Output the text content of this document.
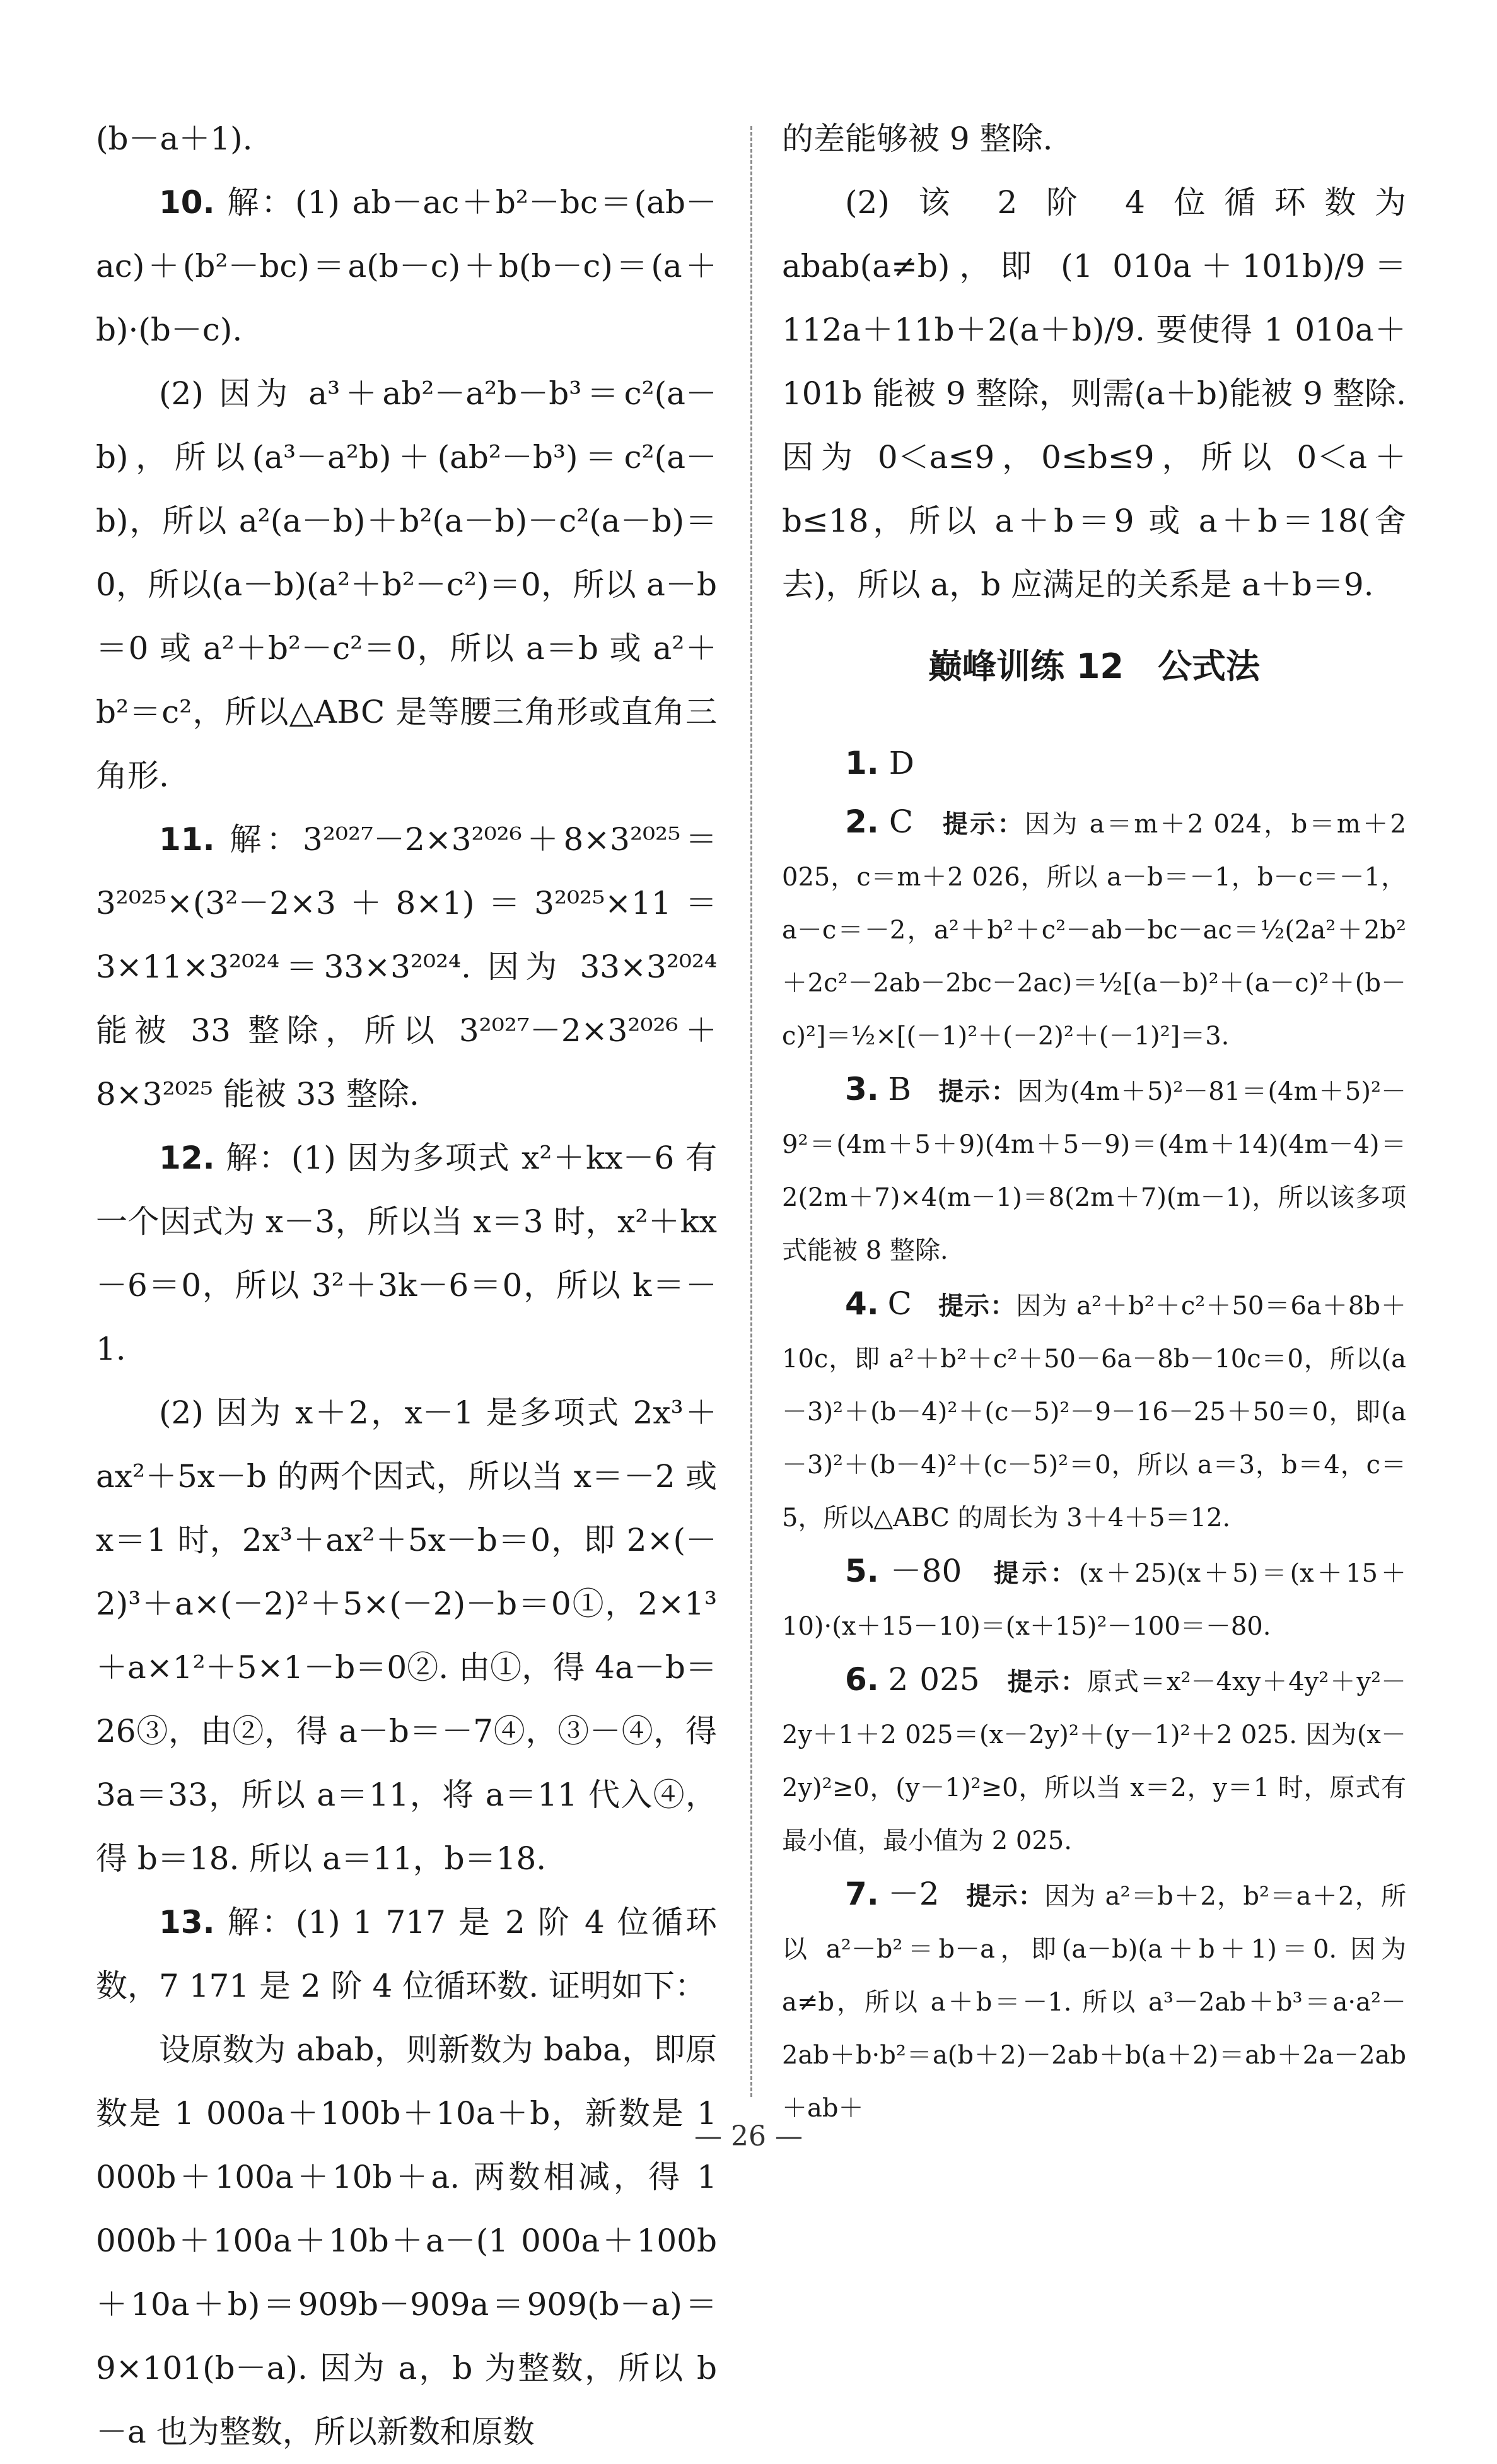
(b－a＋1).

10. 解：(1) ab－ac＋b²－bc＝(ab－ac)＋(b²－bc)＝a(b－c)＋b(b－c)＝(a＋b)·(b－c).

(2) 因为 a³＋ab²－a²b－b³＝c²(a－b)，所以(a³－a²b)＋(ab²－b³)＝c²(a－b)，所以 a²(a－b)＋b²(a－b)－c²(a－b)＝0，所以(a－b)(a²＋b²－c²)＝0，所以 a－b＝0 或 a²＋b²－c²＝0，所以 a＝b 或 a²＋b²＝c²，所以△ABC 是等腰三角形或直角三角形.

11. 解：3²⁰²⁷－2×3²⁰²⁶＋8×3²⁰²⁵＝3²⁰²⁵×(3²－2×3＋8×1)＝3²⁰²⁵×11＝3×11×3²⁰²⁴＝33×3²⁰²⁴. 因为 33×3²⁰²⁴ 能被 33 整除，所以 3²⁰²⁷－2×3²⁰²⁶＋8×3²⁰²⁵ 能被 33 整除.

12. 解：(1) 因为多项式 x²＋kx－6 有一个因式为 x－3，所以当 x＝3 时，x²＋kx－6＝0，所以 3²＋3k－6＝0，所以 k＝－1.

(2) 因为 x＋2，x－1 是多项式 2x³＋ax²＋5x－b 的两个因式，所以当 x＝－2 或 x＝1 时，2x³＋ax²＋5x－b＝0，即 2×(－2)³＋a×(－2)²＋5×(－2)－b＝0①，2×1³＋a×1²＋5×1－b＝0②. 由①，得 4a－b＝26③，由②，得 a－b＝－7④，③－④，得 3a＝33，所以 a＝11，将 a＝11 代入④，得 b＝18. 所以 a＝11，b＝18.

13. 解：(1) 1 717 是 2 阶 4 位循环数，7 171 是 2 阶 4 位循环数. 证明如下：

设原数为 abab，则新数为 baba，即原数是 1 000a＋100b＋10a＋b，新数是 1 000b＋100a＋10b＋a. 两数相减，得 1 000b＋100a＋10b＋a－(1 000a＋100b＋10a＋b)＝909b－909a＝909(b－a)＝9×101(b－a). 因为 a，b 为整数，所以 b－a 也为整数，所以新数和原数

的差能够被 9 整除.

(2) 该 2 阶 4 位循环数为 abab(a≠b)，即 (1 010a＋101b)/9＝112a＋11b＋2(a＋b)/9. 要使得 1 010a＋101b 能被 9 整除，则需(a＋b)能被 9 整除. 因为 0＜a≤9，0≤b≤9，所以 0＜a＋b≤18，所以 a＋b＝9 或 a＋b＝18(舍去)，所以 a，b 应满足的关系是 a＋b＝9.

巅峰训练 12　公式法

1. D

2. C　 提示：因为 a＝m＋2 024，b＝m＋2 025，c＝m＋2 026，所以 a－b＝－1，b－c＝－1，a－c＝－2，a²＋b²＋c²－ab－bc－ac＝½(2a²＋2b²＋2c²－2ab－2bc－2ac)＝½[(a－b)²＋(a－c)²＋(b－c)²]＝½×[(－1)²＋(－2)²＋(－1)²]＝3.

3. B　 提示：因为(4m＋5)²－81＝(4m＋5)²－9²＝(4m＋5＋9)(4m＋5－9)＝(4m＋14)(4m－4)＝2(2m＋7)×4(m－1)＝8(2m＋7)(m－1)，所以该多项式能被 8 整除.

4. C　 提示：因为 a²＋b²＋c²＋50＝6a＋8b＋10c，即 a²＋b²＋c²＋50－6a－8b－10c＝0，所以(a－3)²＋(b－4)²＋(c－5)²－9－16－25＋50＝0，即(a－3)²＋(b－4)²＋(c－5)²＝0，所以 a＝3，b＝4，c＝5，所以△ABC 的周长为 3＋4＋5＝12.

5. －80　 提示：(x＋25)(x＋5)＝(x＋15＋10)·(x＋15－10)＝(x＋15)²－100＝－80.

6. 2 025　 提示：原式＝x²－4xy＋4y²＋y²－2y＋1＋2 025＝(x－2y)²＋(y－1)²＋2 025. 因为(x－2y)²≥0，(y－1)²≥0，所以当 x＝2，y＝1 时，原式有最小值，最小值为 2 025.

7. －2　 提示：因为 a²＝b＋2，b²＝a＋2，所以 a²－b²＝b－a，即(a－b)(a＋b＋1)＝0. 因为 a≠b，所以 a＋b＝－1. 所以 a³－2ab＋b³＝a·a²－2ab＋b·b²＝a(b＋2)－2ab＋b(a＋2)＝ab＋2a－2ab＋ab＋

— 26 —
